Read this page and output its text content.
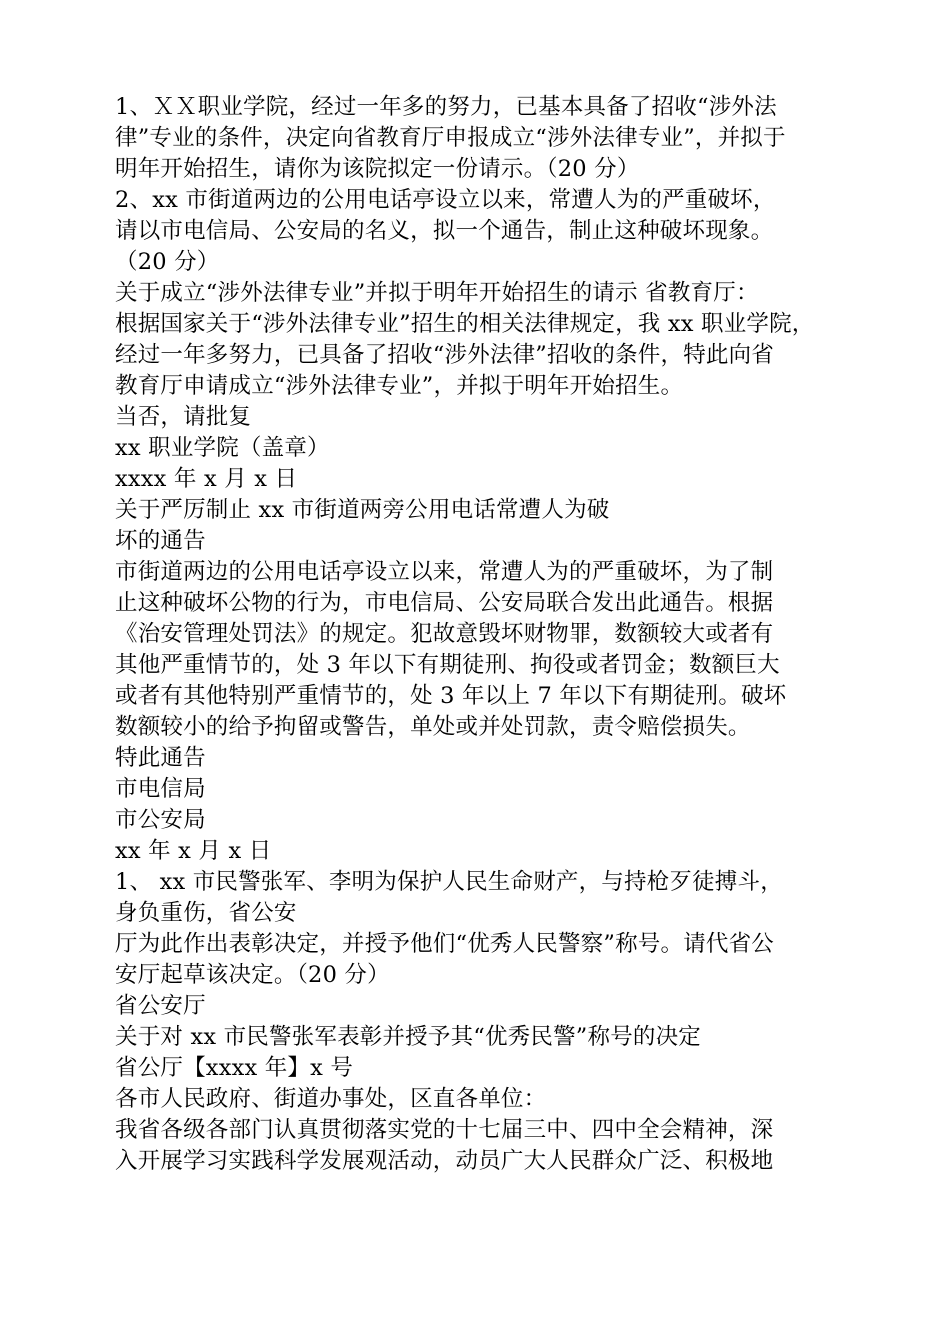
1、ＸＸ职业学院，经过一年多的努力，已基本具备了招收“涉外法
律”专业的条件，决定向省教育厅申报成立“涉外法律专业”，并拟于
明年开始招生，请你为该院拟定一份请示。（20 分）
2、xx 市街道两边的公用电话亭设立以来，常遭人为的严重破坏，
请以市电信局、公安局的名义，拟一个通告，制止这种破坏现象。
（20 分）
关于成立“涉外法律专业”并拟于明年开始招生的请示 省教育厅：
根据国家关于“涉外法律专业”招生的相关法律规定，我 xx 职业学院，
经过一年多努力，已具备了招收“涉外法律”招收的条件，特此向省
教育厅申请成立“涉外法律专业”，并拟于明年开始招生。
当否，请批复
xx 职业学院（盖章）
xxxx 年 x 月 x 日
关于严厉制止 xx 市街道两旁公用电话常遭人为破
坏的通告
市街道两边的公用电话亭设立以来，常遭人为的严重破坏，为了制
止这种破坏公物的行为，市电信局、公安局联合发出此通告。根据
《治安管理处罚法》的规定。犯故意毁坏财物罪，数额较大或者有
其他严重情节的，处 3 年以下有期徒刑、拘役或者罚金；数额巨大
或者有其他特别严重情节的，处 3 年以上 7 年以下有期徒刑。破坏
数额较小的给予拘留或警告，单处或并处罚款，责令赔偿损失。
特此通告
市电信局
市公安局
xx 年 x 月 x 日
1、 xx 市民警张军、李明为保护人民生命财产，与持枪歹徒搏斗，
身负重伤，省公安
厅为此作出表彰决定，并授予他们“优秀人民警察”称号。请代省公
安厅起草该决定。（20 分）
省公安厅
关于对 xx 市民警张军表彰并授予其“优秀民警”称号的决定
省公厅【xxxx 年】x 号
各市人民政府、街道办事处，区直各单位：
我省各级各部门认真贯彻落实党的十七届三中、四中全会精神，深
入开展学习实践科学发展观活动，动员广大人民群众广泛、积极地
